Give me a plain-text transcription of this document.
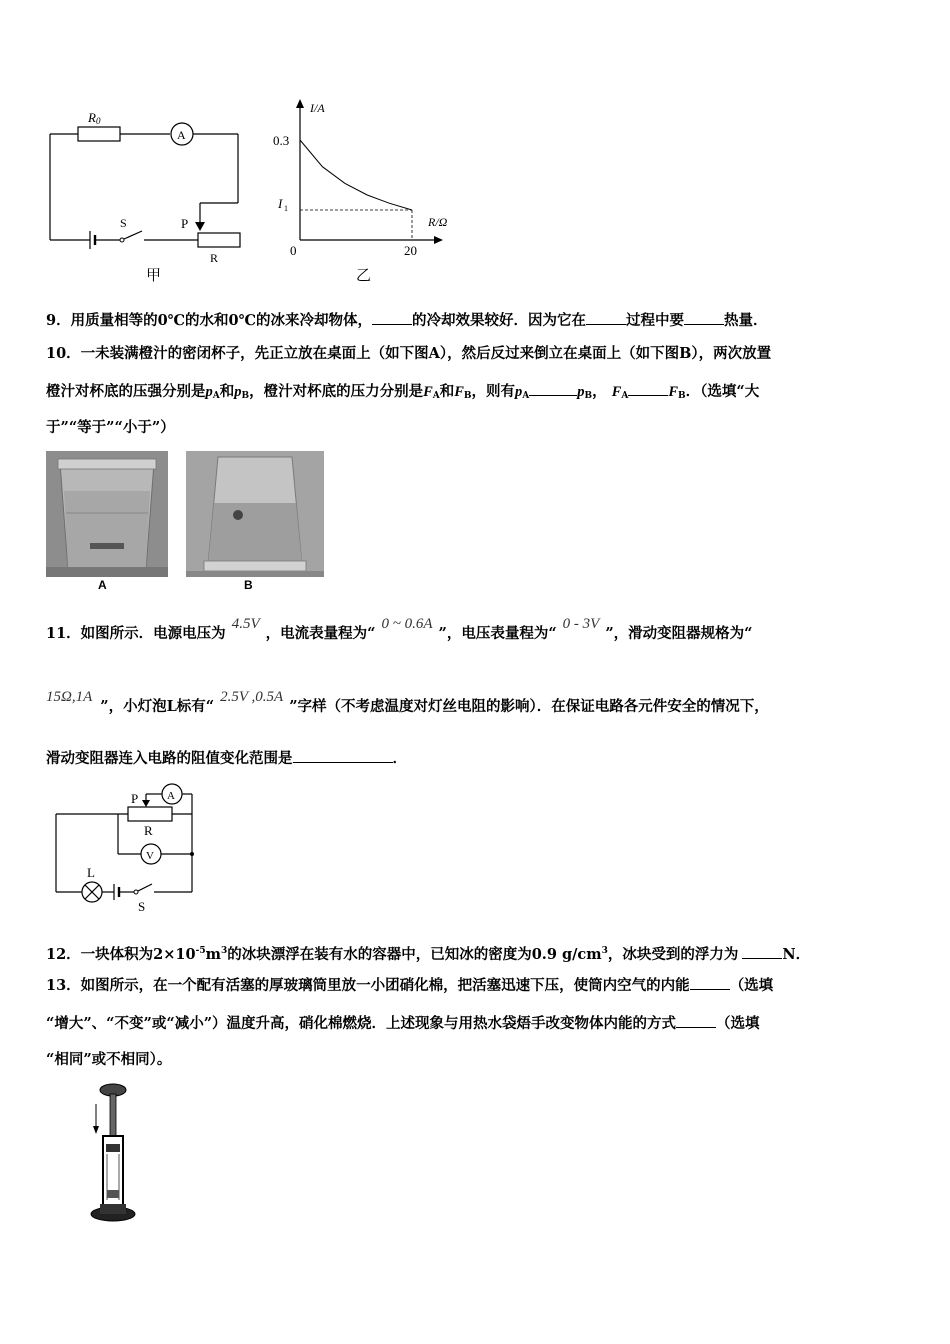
R 0
A
S	P
R
甲
I/A
R/Ω
0.3
I 1
0	20
乙
9．用质量相等的0℃的水和0℃的冰来冷却物体，	的冷却效果较好．因为它在	过程中要	热量．
10．一未装满橙汁的密闭杯子，先正立放在桌面上（如下图A），然后反过来倒立在桌面上（如下图B），两次放置
橙汁对杯底的压强分别是$p_A$和$p_B$，橙汁对杯底的压力分别是$F_A$和$F_B$，则有$p_A$	$p_B$， $F_A$	$F_B$．（选填“大
于”“等于”“小于”）
A	B
11．如图所示．电源电压为4.5V，电流表量程为“0 ~ 0.6A”，电压表量程为“0 - 3V”，滑动变阻器规格为“
15Ω,1A”，小灯泡L标有“2.5V ,0.5A”字样（不考虑温度对灯丝电阻的影响）．在保证电路各元件安全的情况下，
滑动变阻器连入电路的阻值变化范围是	．
P	A
R
V
L
S
12．一块体积为$2\times 10^{-5}m^3$的冰块漂浮在装有水的容器中，已知冰的密度为0.9 $g/cm^3$，冰块受到的浮力为	N．
13．如图所示，在一个配有活塞的厚玻璃筒里放一小团硝化棉，把活塞迅速下压，使筒内空气的内能	（选填
“增大”、“不变”或“减小”）温度升高，硝化棉燃烧．上述现象与用热水袋焐手改变物体内能的方式	（选填
“相同”或不相同）。
